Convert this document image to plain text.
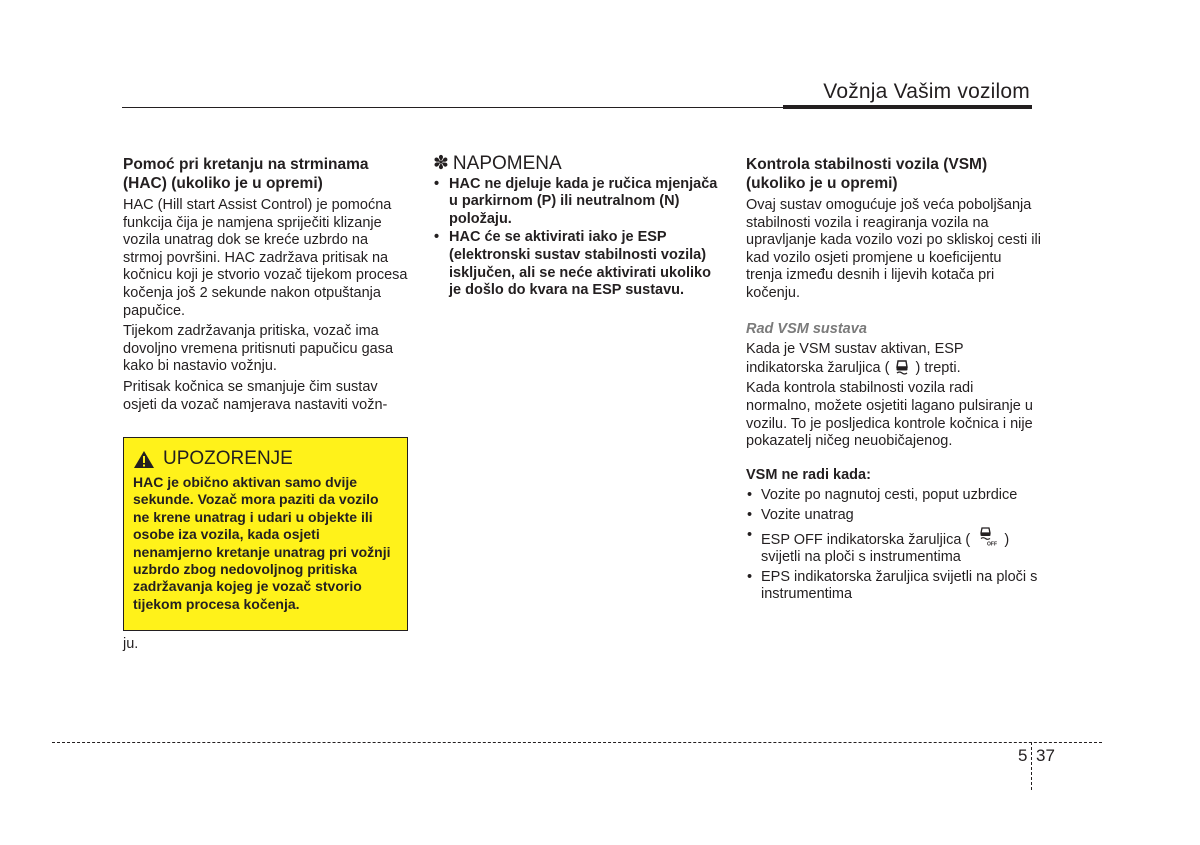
Vožnja Vašim vozilom
Pomoć pri kretanju na strminama (HAC) (ukoliko je u opremi)

HAC (Hill start Assist Control) je pomoćna funkcija čija je namjena spriječiti klizanje vozila unatrag dok se kreće uzbrdo na strmoj površini. HAC zadržava pritisak na kočnicu koji je stvorio vozač tijekom procesa kočenja još 2 sekunde nakon otpuštanja papučice.

Tijekom zadržavanja pritiska, vozač ima dovoljno vremena pritisnuti papučicu gasa kako bi nastavio vožnju.

Pritisak kočnica se smanjuje čim sustav osjeti da vozač namjerava nastaviti vožn-

UPOZORENJE
HAC je obično aktivan samo dvije sekunde. Vozač mora paziti da vozilo ne krene unatrag i udari u objekte ili osobe iza vozila, kada osjeti nenamjerno kretanje unatrag pri vožnji uzbrdo zbog nedovoljnog pritiska zadržavanja kojeg je vozač stvorio tijekom procesa kočenja.
ju.
✽ NAPOMENA
• HAC ne djeluje kada je ručica mjenjača u parkirnom (P) ili neutralnom (N) položaju.
• HAC će se aktivirati iako je ESP (elektronski sustav stabilnosti vozila) isključen, ali se neće aktivirati ukoliko je došlo do kvara na ESP sustavu.
Kontrola stabilnosti vozila (VSM) (ukoliko je u opremi)

Ovaj sustav omogućuje još veća poboljšanja stabilnosti vozila i reagiranja vozila na upravljanje kada vozilo vozi po skliskoj cesti ili kad vozilo osjeti promjene u koeficijentu trenja između desnih i lijevih kotača pri kočenju.

Rad VSM sustava

Kada je VSM sustav aktivan, ESP indikatorska žaruljica ( ) trepti.

Kada kontrola stabilnosti vozila radi normalno, možete osjetiti lagano pulsiranje u vozilu. To je posljedica kontrole kočnica i nije pokazatelj ničeg neuobičajenog.

VSM ne radi kada:

• Vozite po nagnutoj cesti, poput uzbrdice
• Vozite unatrag
• ESP OFF indikatorska žaruljica (	OFF ) svijetli na ploči s instrumentima
• EPS indikatorska žaruljica svijetli na ploči s instrumentima
5 37
